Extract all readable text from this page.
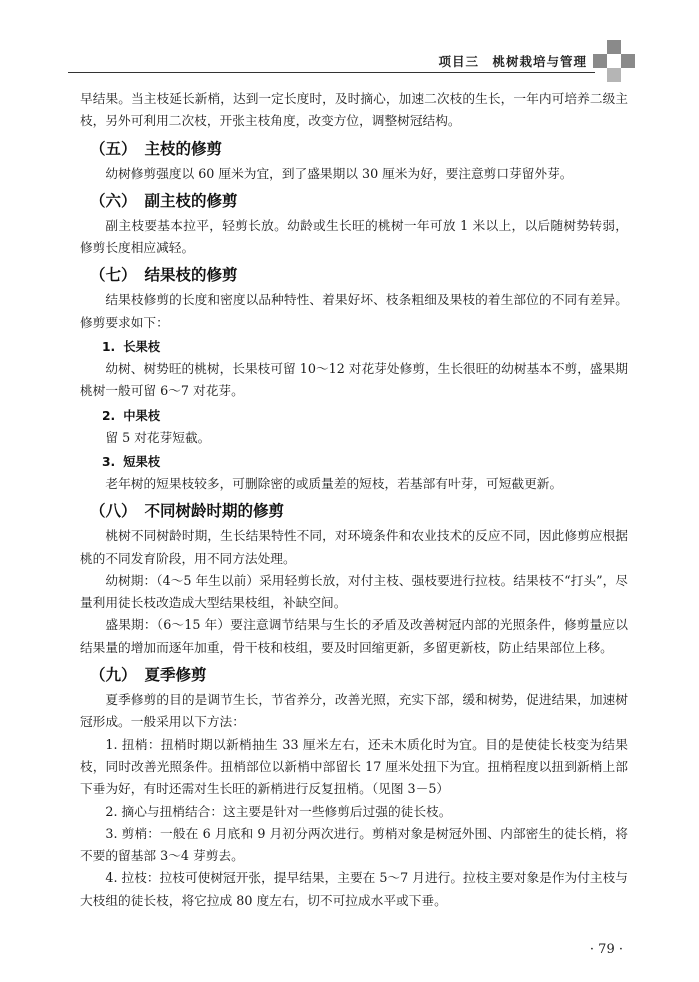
项目三　桃树栽培与管理

早结果。当主枝延长新梢，达到一定长度时，及时摘心，加速二次枝的生长，一年内可培养二级主枝，另外可利用二次枝，开张主枝角度，改变方位，调整树冠结构。

（五） 主枝的修剪

幼树修剪强度以 60 厘米为宜，到了盛果期以 30 厘米为好，要注意剪口芽留外芽。

（六） 副主枝的修剪

副主枝要基本拉平，轻剪长放。幼龄或生长旺的桃树一年可放 1 米以上，以后随树势转弱，修剪长度相应减轻。

（七） 结果枝的修剪

结果枝修剪的长度和密度以品种特性、着果好坏、枝条粗细及果枝的着生部位的不同有差异。修剪要求如下：

1. 长果枝

幼树、树势旺的桃树，长果枝可留 10～12 对花芽处修剪，生长很旺的幼树基本不剪，盛果期桃树一般可留 6～7 对花芽。

2. 中果枝

留 5 对花芽短截。

3. 短果枝

老年树的短果枝较多，可删除密的或质量差的短枝，若基部有叶芽，可短截更新。

（八） 不同树龄时期的修剪

桃树不同树龄时期，生长结果特性不同，对环境条件和农业技术的反应不同，因此修剪应根据桃的不同发育阶段，用不同方法处理。

幼树期：（4～5 年生以前）采用轻剪长放，对付主枝、强枝要进行拉枝。结果枝不“打头”，尽量利用徒长枝改造成大型结果枝组，补缺空间。

盛果期：（6～15 年）要注意调节结果与生长的矛盾及改善树冠内部的光照条件，修剪量应以结果量的增加而逐年加重，骨干枝和枝组，要及时回缩更新，多留更新枝，防止结果部位上移。

（九） 夏季修剪

夏季修剪的目的是调节生长，节省养分，改善光照，充实下部，缓和树势，促进结果，加速树冠形成。一般采用以下方法：

1. 扭梢：扭梢时期以新梢抽生 33 厘米左右，还未木质化时为宜。目的是使徒长枝变为结果枝，同时改善光照条件。扭梢部位以新梢中部留长 17 厘米处扭下为宜。扭梢程度以扭到新梢上部下垂为好，有时还需对生长旺的新梢进行反复扭梢。（见图 3－5）

2. 摘心与扭梢结合：这主要是针对一些修剪后过强的徒长枝。

3. 剪梢：一般在 6 月底和 9 月初分两次进行。剪梢对象是树冠外围、内部密生的徒长梢，将不要的留基部 3～4 芽剪去。

4. 拉枝：拉枝可使树冠开张，提早结果，主要在 5～7 月进行。拉枝主要对象是作为付主枝与大枝组的徒长枝，将它拉成 80 度左右，切不可拉成水平或下垂。

· 79 ·
